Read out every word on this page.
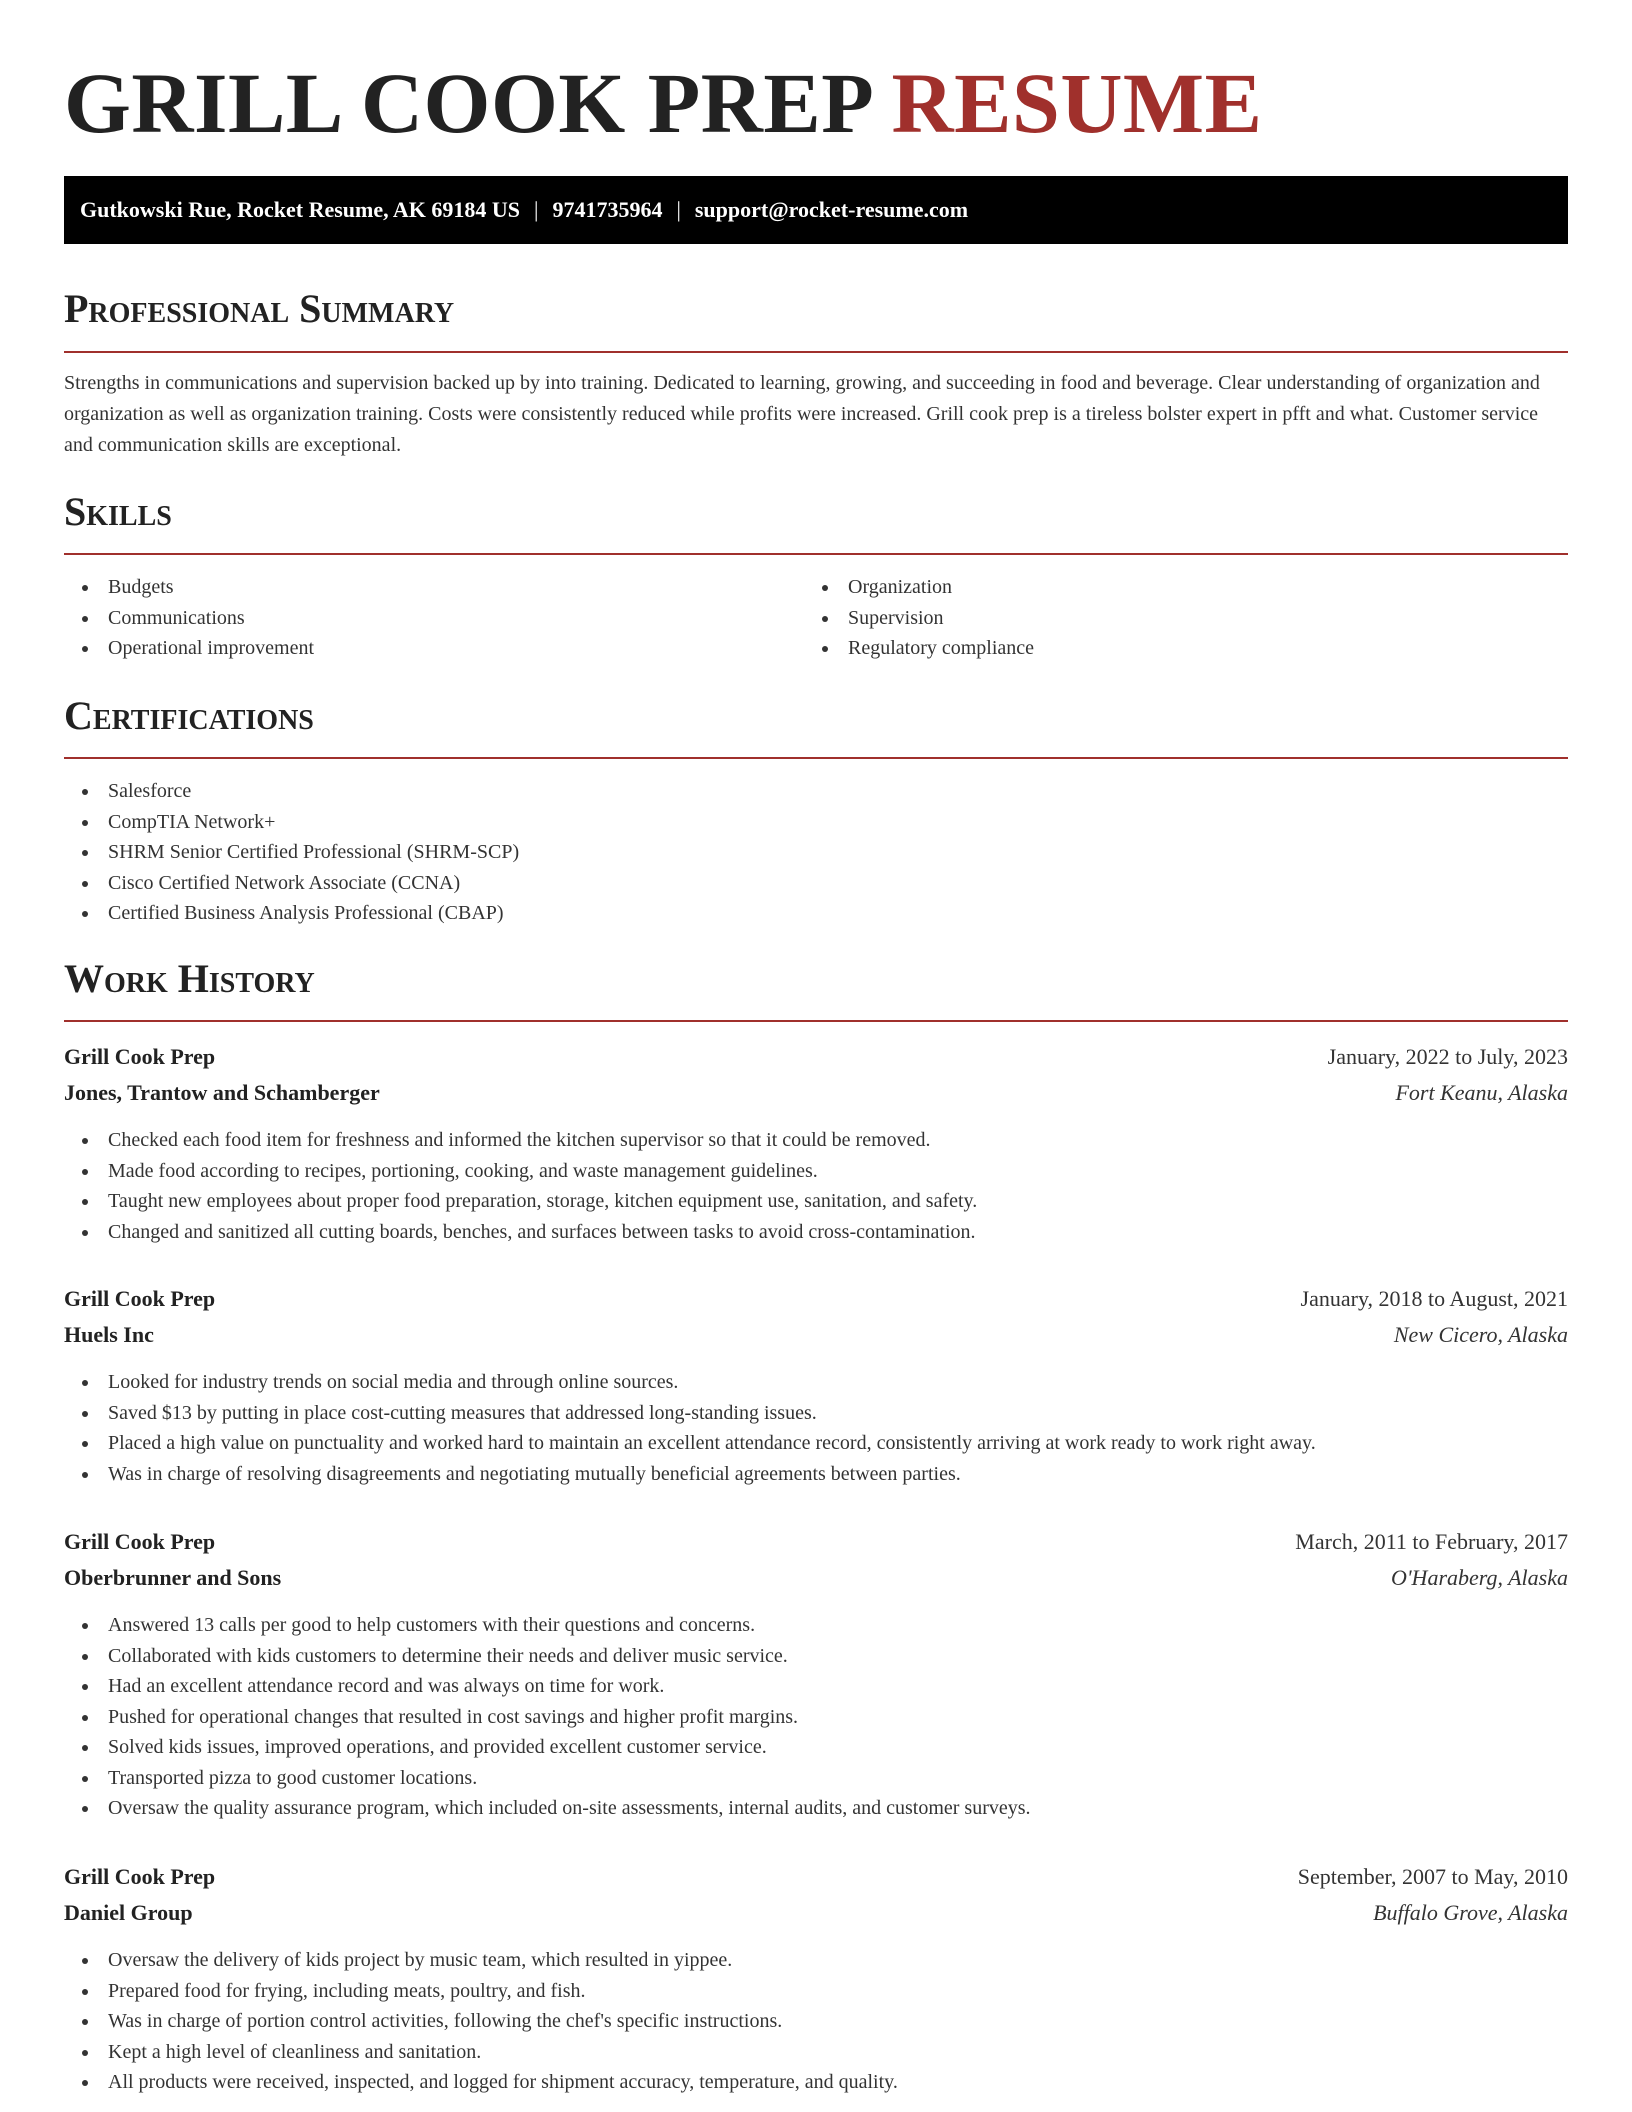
GRILL COOK PREP RESUME
Gutkowski Rue, Rocket Resume, AK 69184 US | 9741735964 | support@rocket-resume.com
Professional Summary

Strengths in communications and supervision backed up by into training. Dedicated to learning, growing, and succeeding in food and beverage. Clear understanding of organization and organization as well as organization training. Costs were consistently reduced while profits were increased. Grill cook prep is a tireless bolster expert in pfft and what. Customer service and communication skills are exceptional.

Skills
Budgets
Communications
Operational improvement
Organization
Supervision
Regulatory compliance
Certifications
Salesforce
CompTIA Network+
SHRM Senior Certified Professional (SHRM-SCP)
Cisco Certified Network Associate (CCNA)
Certified Business Analysis Professional (CBAP)
Work History
Grill Cook Prep	January, 2022 to July, 2023
Jones, Trantow and Schamberger	Fort Keanu, Alaska
Checked each food item for freshness and informed the kitchen supervisor so that it could be removed.
Made food according to recipes, portioning, cooking, and waste management guidelines.
Taught new employees about proper food preparation, storage, kitchen equipment use, sanitation, and safety.
Changed and sanitized all cutting boards, benches, and surfaces between tasks to avoid cross-contamination.
Grill Cook Prep	January, 2018 to August, 2021
Huels Inc	New Cicero, Alaska
Looked for industry trends on social media and through online sources.
Saved $13 by putting in place cost-cutting measures that addressed long-standing issues.
Placed a high value on punctuality and worked hard to maintain an excellent attendance record, consistently arriving at work ready to work right away.
Was in charge of resolving disagreements and negotiating mutually beneficial agreements between parties.
Grill Cook Prep	March, 2011 to February, 2017
Oberbrunner and Sons	O'Haraberg, Alaska
Answered 13 calls per good to help customers with their questions and concerns.
Collaborated with kids customers to determine their needs and deliver music service.
Had an excellent attendance record and was always on time for work.
Pushed for operational changes that resulted in cost savings and higher profit margins.
Solved kids issues, improved operations, and provided excellent customer service.
Transported pizza to good customer locations.
Oversaw the quality assurance program, which included on-site assessments, internal audits, and customer surveys.
Grill Cook Prep	September, 2007 to May, 2010
Daniel Group	Buffalo Grove, Alaska
Oversaw the delivery of kids project by music team, which resulted in yippee.
Prepared food for frying, including meats, poultry, and fish.
Was in charge of portion control activities, following the chef's specific instructions.
Kept a high level of cleanliness and sanitation.
All products were received, inspected, and logged for shipment accuracy, temperature, and quality.
